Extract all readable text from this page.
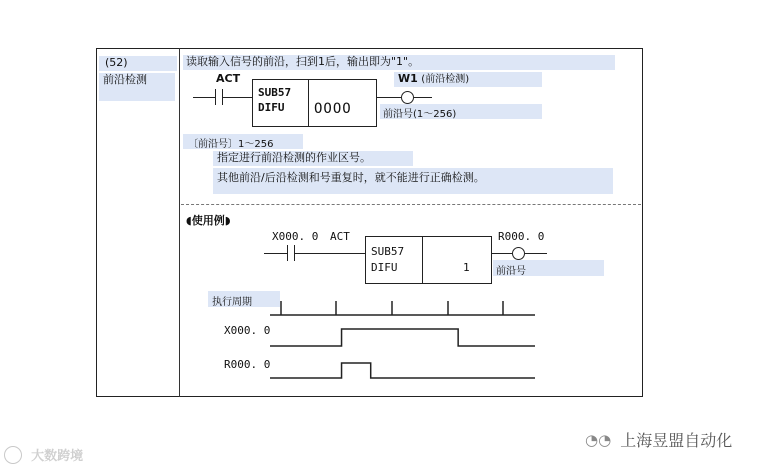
(52)
前沿检测
读取输入信号的前沿，扫到1后，输出即为"1"。
ACT
SUB57
DIFU OOOO
W1 (前沿检测)
前沿号(1～256)
〔前沿号〕1～256
指定进行前沿检测的作业区号。
其他前沿/后沿检测和号重复时，就不能进行正确检测。
◖使用例◗
X000. 0 ACT
SUB57
DIFU	1
R000. 0
前沿号
执行周期
X000. 0
R000. 0
大数跨境
◔◔ 上海昱盟自动化
